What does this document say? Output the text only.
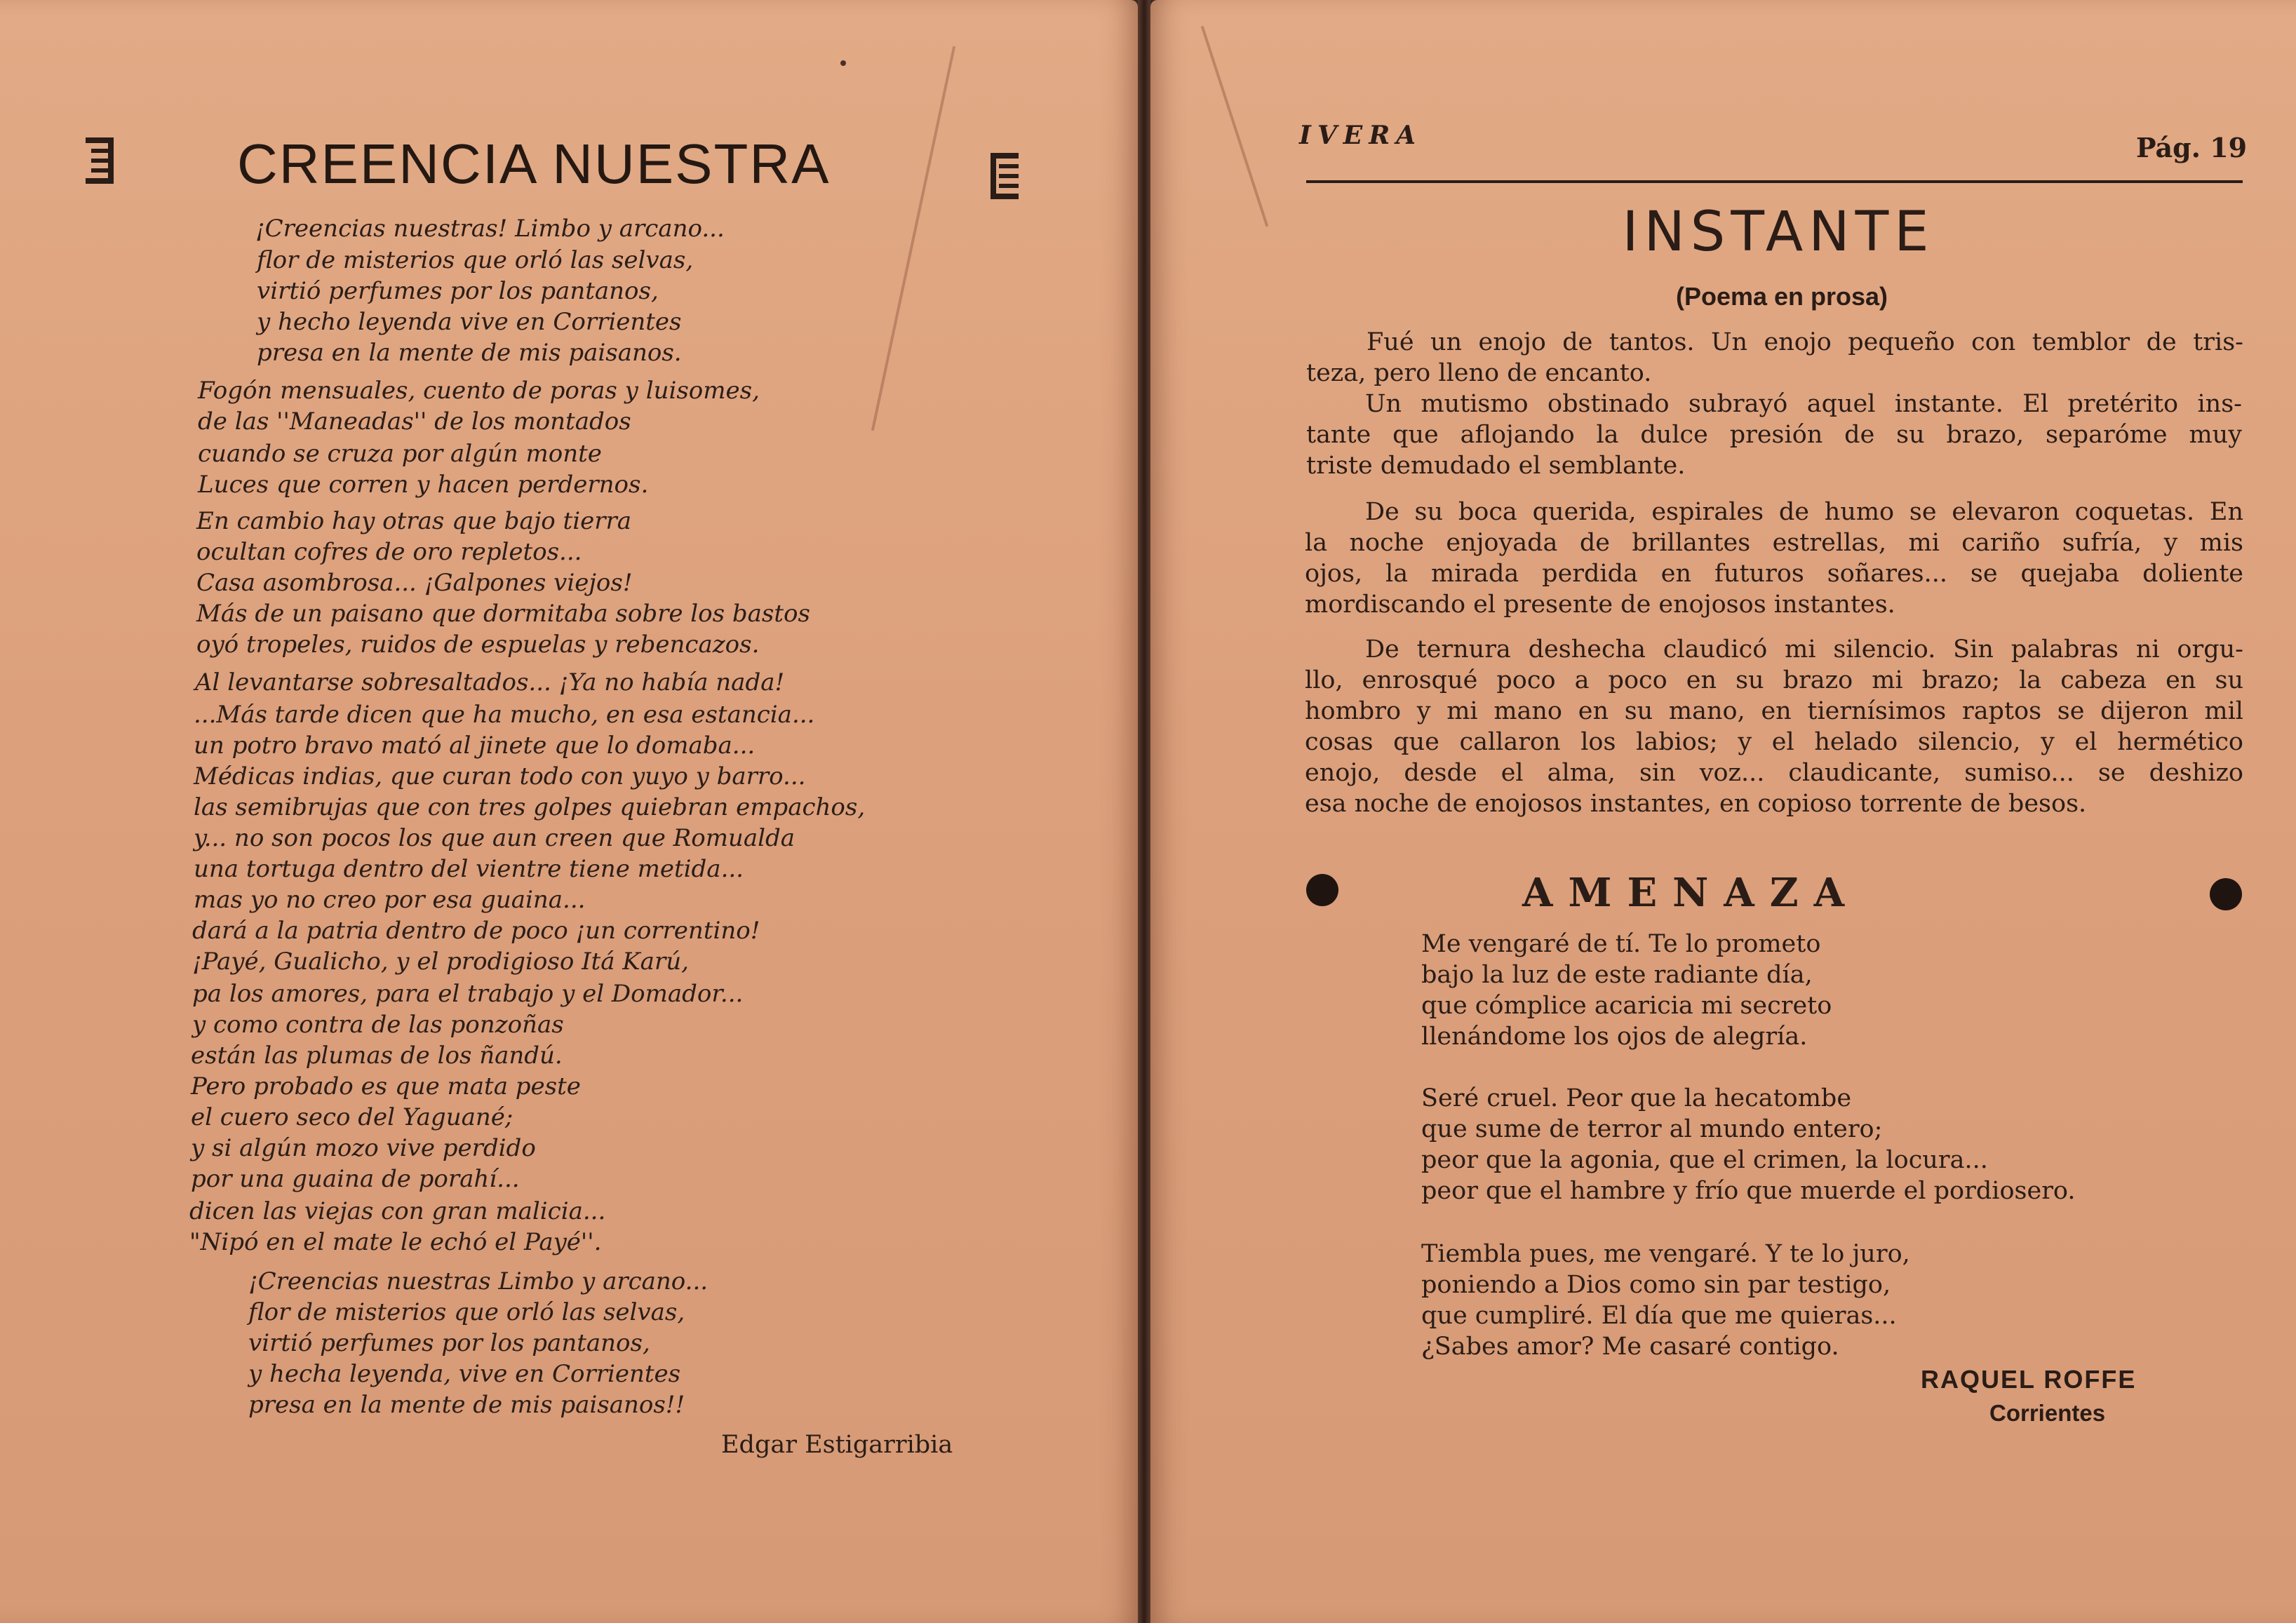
CREENCIA NUESTRA
¡Creencias nuestras! Limbo y arcano...
flor de misterios que orló las selvas,
virtió perfumes por los pantanos,
y hecho leyenda vive en Corrientes
presa en la mente de mis paisanos.
Fogón mensuales, cuento de poras y luisomes,
de las ''Maneadas'' de los montados
cuando se cruza por algún monte
Luces que corren y hacen perdernos.
En cambio hay otras que bajo tierra
ocultan cofres de oro repletos...
Casa asombrosa... ¡Galpones viejos!
Más de un paisano que dormitaba sobre los bastos
oyó tropeles, ruidos de espuelas y rebencazos.
Al levantarse sobresaltados... ¡Ya no había nada!
...Más tarde dicen que ha mucho, en esa estancia...
un potro bravo mató al jinete que lo domaba...
Médicas indias, que curan todo con yuyo y barro...
las semibrujas que con tres golpes quiebran empachos,
y... no son pocos los que aun creen que Romualda
una tortuga dentro del vientre tiene metida...
mas yo no creo por esa guaina...
dará a la patria dentro de poco ¡un correntino!
¡Payé, Gualicho, y el prodigioso Itá Karú,
pa los amores, para el trabajo y el Domador...
y como contra de las ponzoñas
están las plumas de los ñandú.
Pero probado es que mata peste
el cuero seco del Yaguané;
y si algún mozo vive perdido
por una guaina de porahí...
dicen las viejas con gran malicia...
"Nipó en el mate le echó el Payé''.
¡Creencias nuestras Limbo y arcano...
flor de misterios que orló las selvas,
virtió perfumes por los pantanos,
y hecha leyenda, vive en Corrientes
presa en la mente de mis paisanos!!
Edgar Estigarribia
IVERA	Pág. 19
INSTANTE
(Poema en prosa)
Fué un enojo de tantos. Un enojo pequeño con temblor de tris-
teza, pero lleno de encanto.
Un mutismo obstinado subrayó aquel instante. El pretérito ins-
tante que aflojando la dulce presión de su brazo, separóme muy
triste demudado el semblante.
De su boca querida, espirales de humo se elevaron coquetas. En
la noche enjoyada de brillantes estrellas, mi cariño sufría, y mis
ojos, la mirada perdida en futuros soñares... se quejaba doliente
mordiscando el presente de enojosos instantes.
De ternura deshecha claudicó mi silencio. Sin palabras ni orgu-
llo, enrosqué poco a poco en su brazo mi brazo; la cabeza en su
hombro y mi mano en su mano, en tiernísimos raptos se dijeron mil
cosas que callaron los labios; y el helado silencio, y el hermético
enojo, desde el alma, sin voz... claudicante, sumiso... se deshizo
esa noche de enojosos instantes, en copioso torrente de besos.
AMENAZA
Me vengaré de tí. Te lo prometo
bajo la luz de este radiante día,
que cómplice acaricia mi secreto
llenándome los ojos de alegría.
Seré cruel. Peor que la hecatombe
que sume de terror al mundo entero;
peor que la agonia, que el crimen, la locura...
peor que el hambre y frío que muerde el pordiosero.
Tiembla pues, me vengaré. Y te lo juro,
poniendo a Dios como sin par testigo,
que cumpliré. El día que me quieras...
¿Sabes amor? Me casaré contigo.
RAQUEL ROFFE
Corrientes
